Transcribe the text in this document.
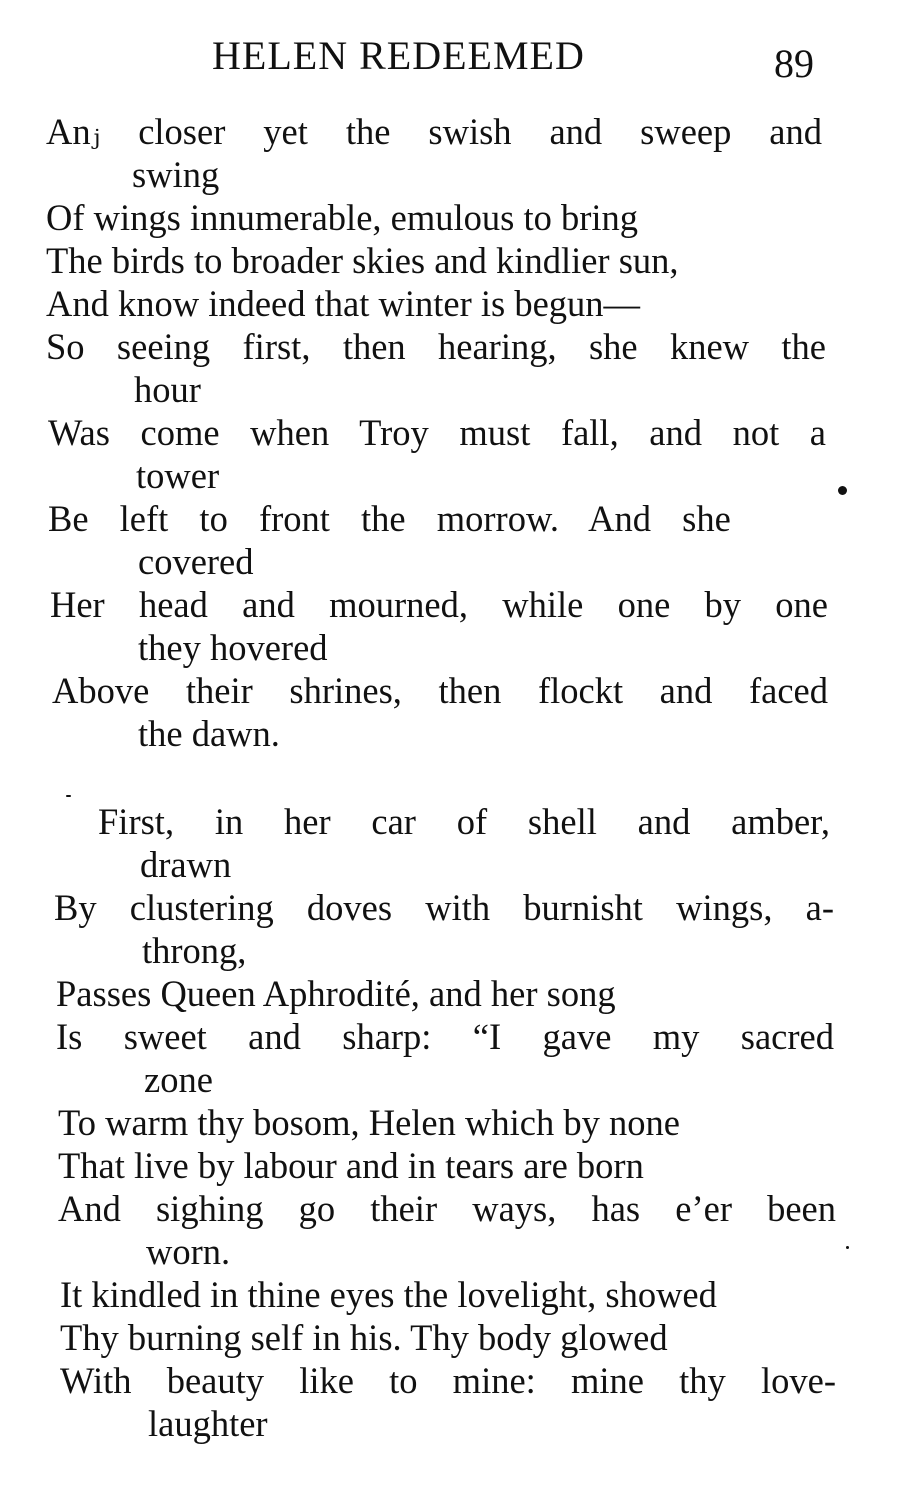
HELEN REDEEMED	89
Anⱼ closer yet the swish and sweep and
swing
Of wings innumerable, emulous to bring
The birds to broader skies and kindlier sun,
And know indeed that winter is begun—
So seeing first, then hearing, she knew the
hour
Was come when Troy must fall, and not a
tower
Be left to front the morrow. And she
covered
Her head and mourned, while one by one
they hovered
Above their shrines, then flockt and faced
the dawn.
First, in her car of shell and amber,
drawn
By clustering doves with burnisht wings, a-
throng,
Passes Queen Aphrodité, and her song
Is sweet and sharp: “I gave my sacred
zone
To warm thy bosom, Helen which by none
That live by labour and in tears are born
And sighing go their ways, has e’er been
worn.
It kindled in thine eyes the lovelight, showed
Thy burning self in his. Thy body glowed
With beauty like to mine: mine thy love-
laughter
